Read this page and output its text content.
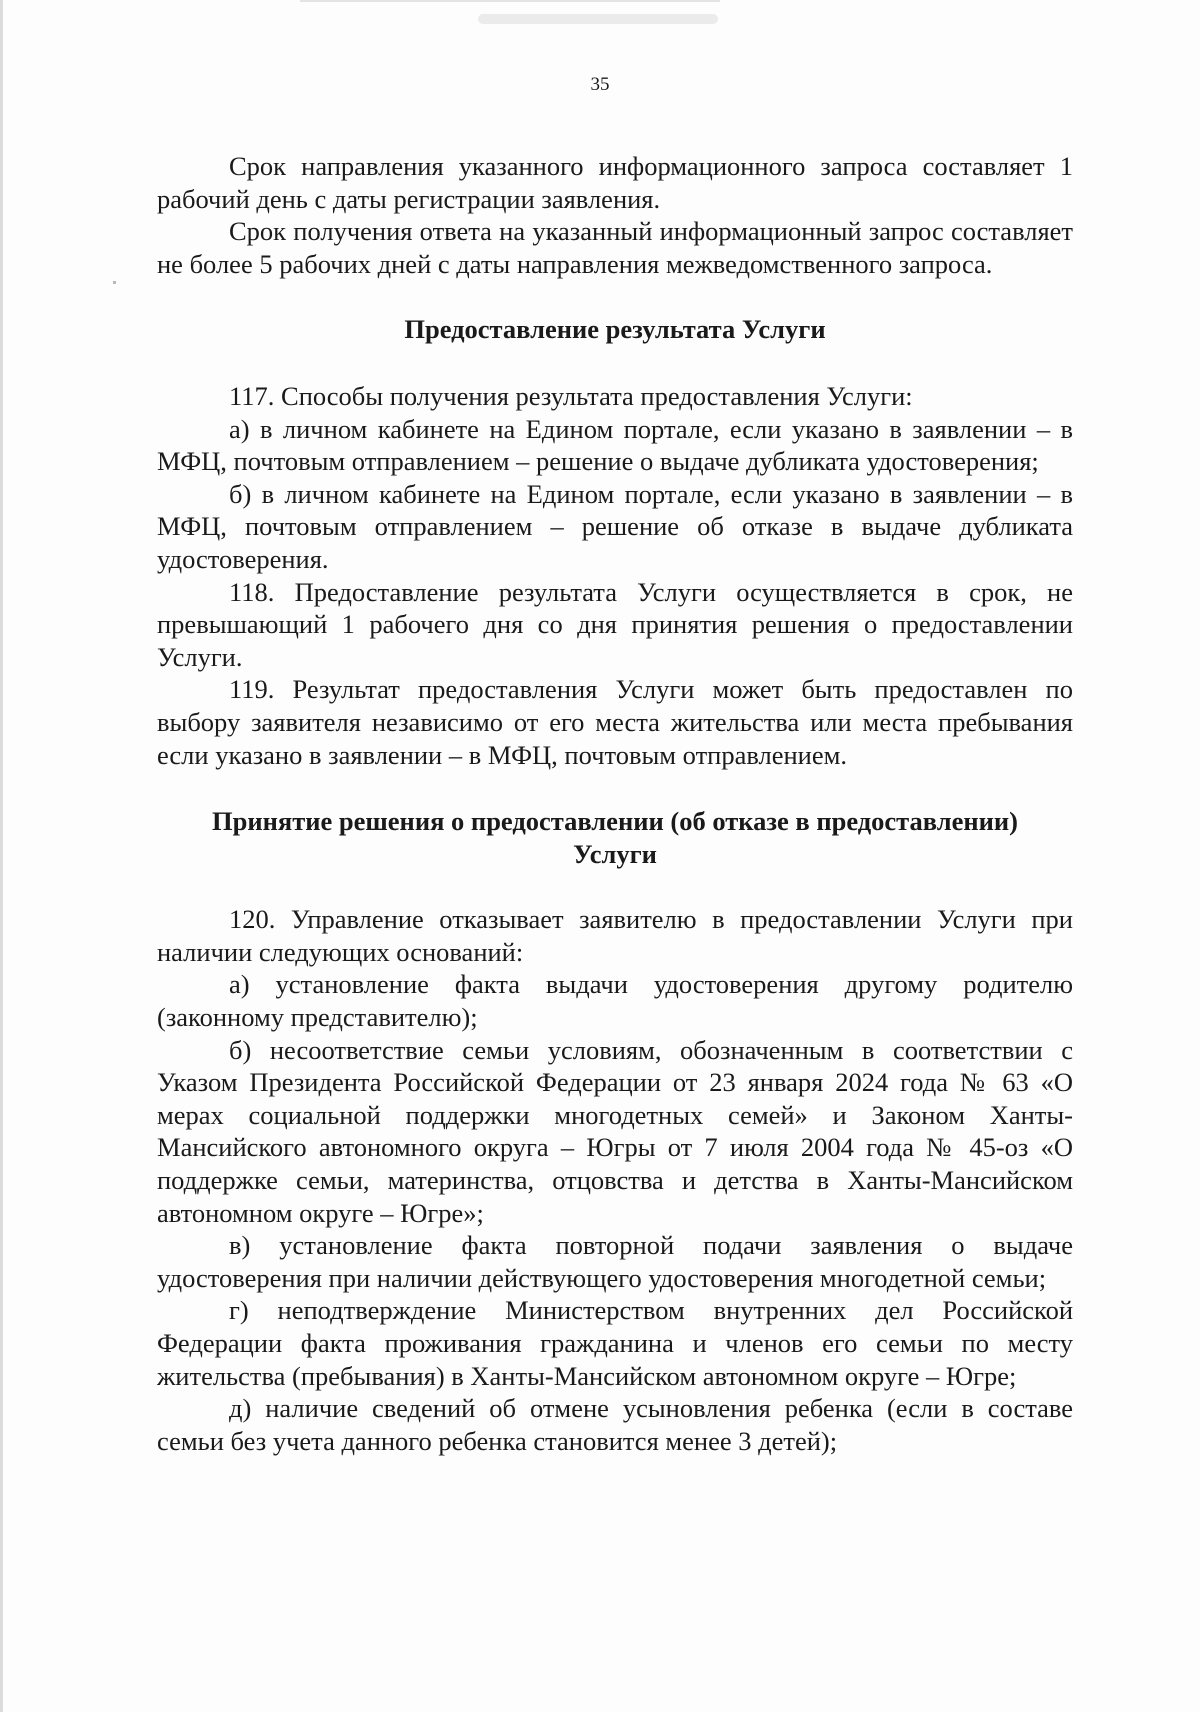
35

Срок направления указанного информационного запроса составляет 1 рабочий день с даты регистрации заявления.

Срок получения ответа на указанный информационный запрос составляет не более 5 рабочих дней с даты направления межведомственного запроса.

Предоставление результата Услуги

117. Способы получения результата предоставления Услуги:

а) в личном кабинете на Едином портале, если указано в заявлении – в МФЦ, почтовым отправлением – решение о выдаче дубликата удостоверения;

б) в личном кабинете на Едином портале, если указано в заявлении – в МФЦ, почтовым отправлением – решение об отказе в выдаче дубликата удостоверения.

118. Предоставление результата Услуги осуществляется в срок, не превышающий 1 рабочего дня со дня принятия решения о предоставлении Услуги.

119. Результат предоставления Услуги может быть предоставлен по выбору заявителя независимо от его места жительства или места пребывания если указано в заявлении – в МФЦ, почтовым отправлением.

Принятие решения о предоставлении (об отказе в предоставлении)

Услуги

120. Управление отказывает заявителю в предоставлении Услуги при наличии следующих оснований:

а) установление факта выдачи удостоверения другому родителю (законному представителю);

б) несоответствие семьи условиям, обозначенным в соответствии с Указом Президента Российской Федерации от 23 января 2024 года № 63 «О мерах социальной поддержки многодетных семей» и Законом Ханты-Мансийского автономного округа – Югры от 7 июля 2004 года № 45-оз «О поддержке семьи, материнства, отцовства и детства в Ханты-Мансийском автономном округе – Югре»;

в) установление факта повторной подачи заявления о выдаче удостоверения при наличии действующего удостоверения многодетной семьи;

г) неподтверждение Министерством внутренних дел Российской Федерации факта проживания гражданина и членов его семьи по месту жительства (пребывания) в Ханты-Мансийском автономном округе – Югре;

д) наличие сведений об отмене усыновления ребенка (если в составе семьи без учета данного ребенка становится менее 3 детей);
